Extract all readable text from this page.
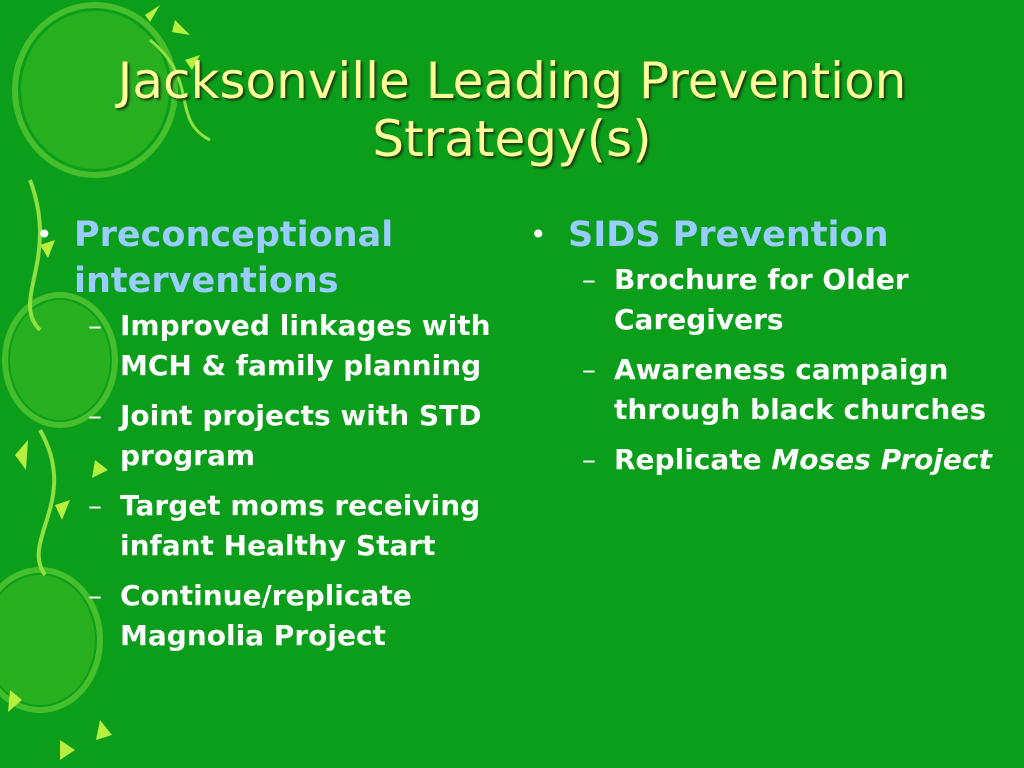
Jacksonville Leading Prevention
Strategy(s)
• Preconceptional interventions
– Improved linkages with MCH & family planning
– Joint projects with STD program
– Target moms receiving infant Healthy Start
– Continue/replicate Magnolia Project
• SIDS Prevention
– Brochure for Older Caregivers
– Awareness campaign through black churches
– Replicate Moses Project
